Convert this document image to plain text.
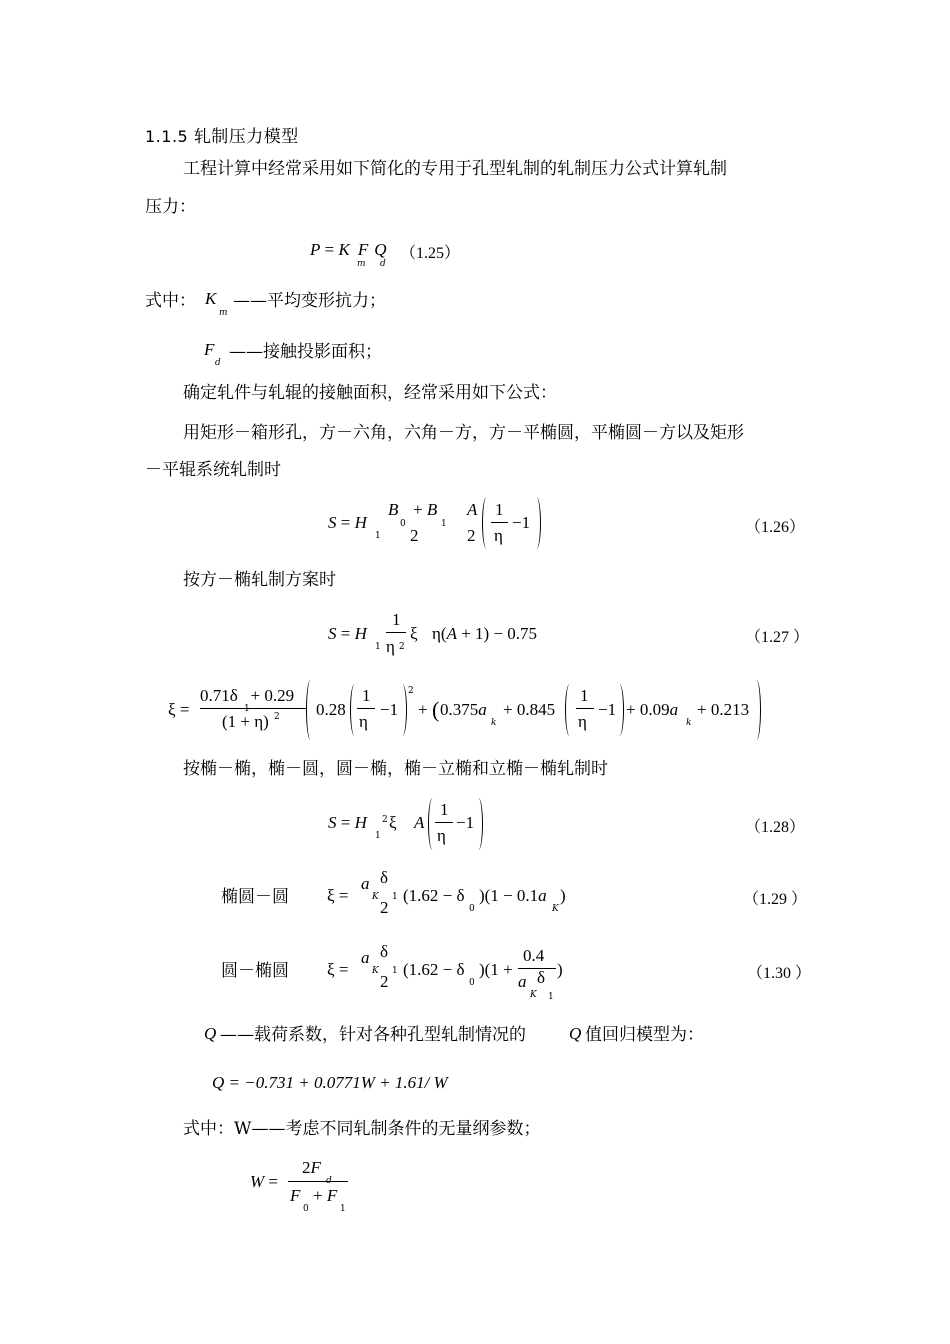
1.1.5 轧制压力模型
工程计算中经常采用如下简化的专用于孔型轧制的轧制压力公式计算轧制
压力：
P = K F Q
m d
（1.25）
式中： K
m
——平均变形抗力；
F
d
——接触投影面积；
确定轧件与轧辊的接触面积，经常采用如下公式：
用矩形－箱形孔，方－六角，六角－方，方－平椭圆，平椭圆－方以及矩形
－平辊系统轧制时
S = H
1
B
0
+ B
1
2
A
2
1
η
−1	（1.26）
按方－椭轧制方案时
S = H
1
1
η 2
ξ η(A + 1) − 0.75	（1.27 ）
ξ =
0.71δ   + 0.29
1
(1 + η) 2 0.28
1
η
−1
2
+ ( 0.375a
k
+ 0.845
1
η
−1 + 0.09a
k
+ 0.213
按椭－椭，椭－圆，圆－椭，椭－立椭和立椭－椭轧制时
S = H
1
2 ξ A
1
η
−1	（1.28）
椭圆－圆 ξ =
a
K
δ
1
2
(1.62 − δ
0
)(1 − 0.1a
K
)	（1.29 ）
圆－椭圆 ξ =
a
K
δ
1
2
(1.62 − δ
0
)(1 +
0.4
a
K
δ
1
)	（1.30 ）
Q ——载荷系数，针对各种孔型轧制情况的	Q 值回归模型为：
Q = −0.731 + 0.0771W + 1.61/ W
式中：W——考虑不同轧制条件的无量纲参数；
W =
2F
F
0
+ F
1
